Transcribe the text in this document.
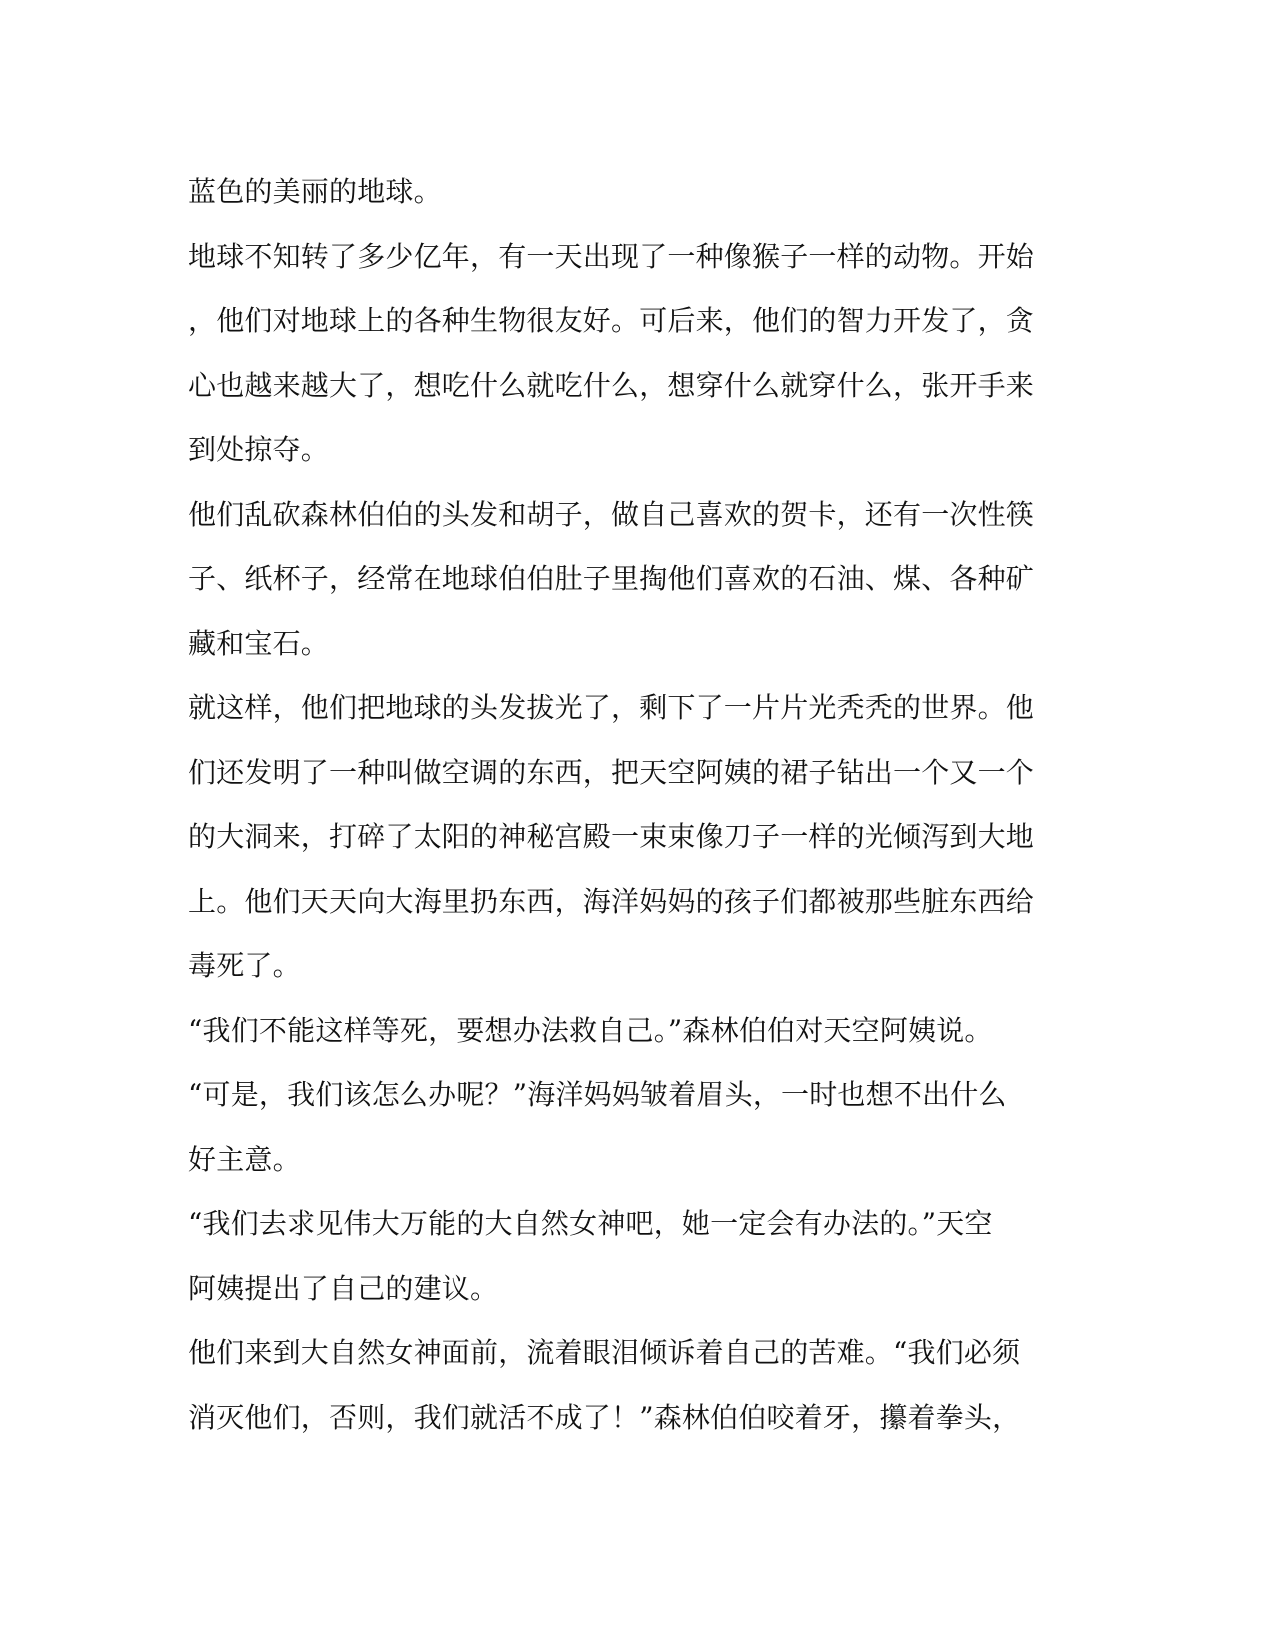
蓝色的美丽的地球。
地球不知转了多少亿年，有一天出现了一种像猴子一样的动物。开始
，他们对地球上的各种生物很友好。可后来，他们的智力开发了，贪
心也越来越大了，想吃什么就吃什么，想穿什么就穿什么，张开手来
到处掠夺。
他们乱砍森林伯伯的头发和胡子，做自己喜欢的贺卡，还有一次性筷
子、纸杯子，经常在地球伯伯肚子里掏他们喜欢的石油、煤、各种矿
藏和宝石。
就这样，他们把地球的头发拔光了，剩下了一片片光秃秃的世界。他
们还发明了一种叫做空调的东西，把天空阿姨的裙子钻出一个又一个
的大洞来，打碎了太阳的神秘宫殿一束束像刀子一样的光倾泻到大地
上。他们天天向大海里扔东西，海洋妈妈的孩子们都被那些脏东西给
毒死了。
“我们不能这样等死，要想办法救自己。”森林伯伯对天空阿姨说。
“可是，我们该怎么办呢？”海洋妈妈皱着眉头，一时也想不出什么
好主意。
“我们去求见伟大万能的大自然女神吧，她一定会有办法的。”天空
阿姨提出了自己的建议。
他们来到大自然女神面前，流着眼泪倾诉着自己的苦难。“我们必须
消灭他们，否则，我们就活不成了！”森林伯伯咬着牙，攥着拳头，
